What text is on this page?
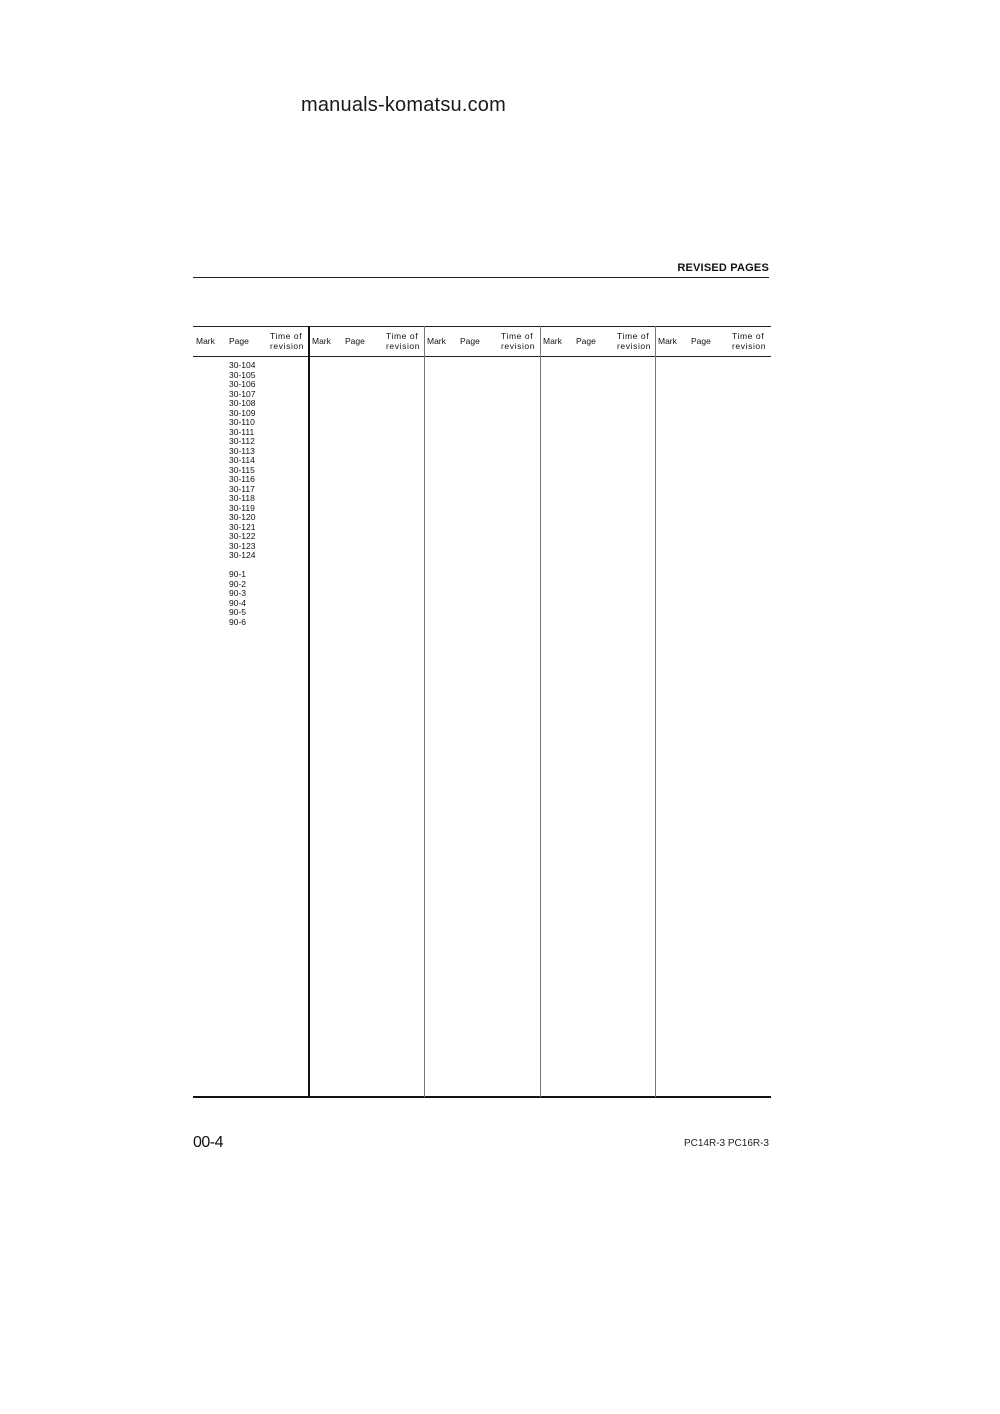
manuals-komatsu.com
REVISED PAGES
Mark Page Time of
revision Mark Page Time of
revision Mark Page Time of
revision Mark Page Time of
revision Mark Page Time of
revision
30-104
30-105
30-106
30-107
30-108
30-109
30-110
30-111
30-112
30-113
30-114
30-115
30-116
30-117
30-118
30-119
30-120
30-121
30-122
30-123
30-124
90-1
90-2
90-3
90-4
90-5
90-6
00-4	PC14R-3 PC16R-3
